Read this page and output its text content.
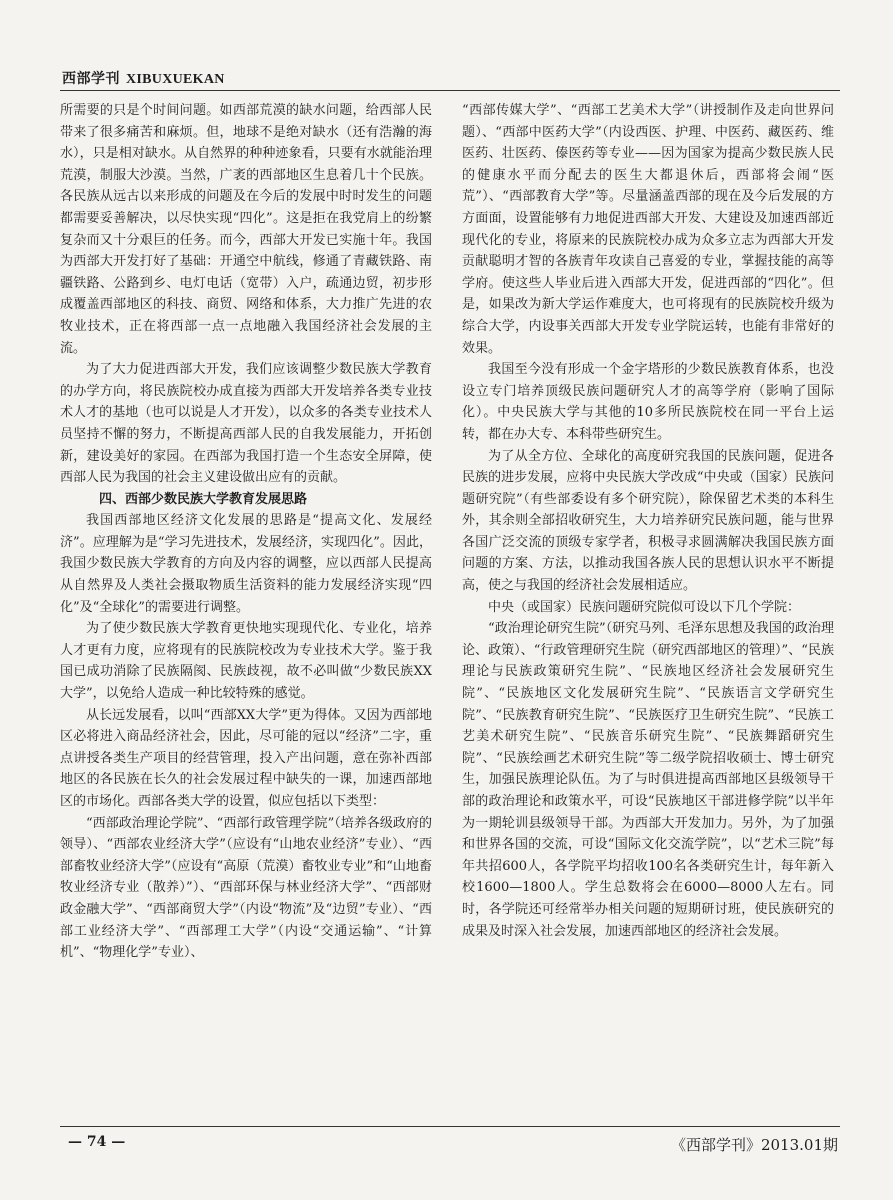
西部学刊 XIBUXUEKAN

所需要的只是个时间问题。如西部荒漠的缺水问题，给西部人民带来了很多痛苦和麻烦。但，地球不是绝对缺水（还有浩瀚的海水），只是相对缺水。从自然界的种种迹象看，只要有水就能治理荒漠，制服大沙漠。当然，广袤的西部地区生息着几十个民族。各民族从远古以来形成的问题及在今后的发展中时时发生的问题都需要妥善解决，以尽快实现“四化”。这是拒在我党肩上的纷繁复杂而又十分艰巨的任务。而今，西部大开发已实施十年。我国为西部大开发打好了基础：开通空中航线，修通了青藏铁路、南疆铁路、公路到乡、电灯电话（宽带）入户，疏通边贸，初步形成覆盖西部地区的科技、商贸、网络和体系，大力推广先进的农牧业技术，正在将西部一点一点地融入我国经济社会发展的主流。

为了大力促进西部大开发，我们应该调整少数民族大学教育的办学方向，将民族院校办成直接为西部大开发培养各类专业技术人才的基地（也可以说是人才开发），以众多的各类专业技术人员坚持不懈的努力，不断提高西部人民的自我发展能力，开拓创新，建设美好的家园。在西部为我国打造一个生态安全屏障，使西部人民为我国的社会主义建设做出应有的贡献。

四、西部少数民族大学教育发展思路

我国西部地区经济文化发展的思路是“提高文化、发展经济”。应理解为是“学习先进技术，发展经济，实现四化”。因此，我国少数民族大学教育的方向及内容的调整，应以西部人民提高从自然界及人类社会摄取物质生活资料的能力发展经济实现“四化”及“全球化”的需要进行调整。

为了使少数民族大学教育更快地实现现代化、专业化，培养人才更有力度，应将现有的民族院校改为专业技术大学。鉴于我国已成功消除了民族隔阂、民族歧视，故不必叫做“少数民族XX大学”，以免给人造成一种比较特殊的感觉。

从长远发展看，以叫“西部XX大学”更为得体。又因为西部地区必将进入商品经济社会，因此，尽可能的冠以“经济”二字，重点讲授各类生产项目的经营管理，投入产出问题，意在弥补西部地区的各民族在长久的社会发展过程中缺失的一课，加速西部地区的市场化。西部各类大学的设置，似应包括以下类型：

“西部政治理论学院”、“西部行政管理学院”（培养各级政府的领导）、“西部农业经济大学”（应设有“山地农业经济”专业）、“西部畜牧业经济大学”（应设有“高原（荒漠）畜牧业专业”和“山地畜牧业经济专业（散养）”）、“西部环保与林业经济大学”、“西部财政金融大学”、“西部商贸大学”（内设“物流”及“边贸”专业）、“西部工业经济大学”、“西部理工大学”（内设“交通运输”、“计算机”、“物理化学”专业）、

“西部传媒大学”、“西部工艺美术大学”（讲授制作及走向世界问题）、“西部中医药大学”（内设西医、护理、中医药、藏医药、维医药、壮医药、傣医药等专业——因为国家为提高少数民族人民的健康水平而分配去的医生大都退休后，西部将会闹“医荒”）、“西部教育大学”等。尽量涵盖西部的现在及今后发展的方方面面，设置能够有力地促进西部大开发、大建设及加速西部近现代化的专业，将原来的民族院校办成为众多立志为西部大开发贡献聪明才智的各族青年攻读自己喜爱的专业，掌握技能的高等学府。使这些人毕业后进入西部大开发，促进西部的“四化”。但是，如果改为新大学运作难度大，也可将现有的民族院校升级为综合大学，内设事关西部大开发专业学院运转，也能有非常好的效果。

我国至今没有形成一个金字塔形的少数民族教育体系，也没设立专门培养顶级民族问题研究人才的高等学府（影响了国际化）。中央民族大学与其他的10多所民族院校在同一平台上运转，都在办大专、本科带些研究生。

为了从全方位、全球化的高度研究我国的民族问题，促进各民族的进步发展，应将中央民族大学改成“中央或（国家）民族问题研究院”（有些部委设有多个研究院），除保留艺术类的本科生外，其余则全部招收研究生，大力培养研究民族问题，能与世界各国广泛交流的顶级专家学者，积极寻求圆满解决我国民族方面问题的方案、方法，以推动我国各族人民的思想认识水平不断提高，使之与我国的经济社会发展相适应。

中央（或国家）民族问题研究院似可设以下几个学院：

“政治理论研究生院”（研究马列、毛泽东思想及我国的政治理论、政策）、“行政管理研究生院（研究西部地区的管理）”、“民族理论与民族政策研究生院”、“民族地区经济社会发展研究生院”、“民族地区文化发展研究生院”、“民族语言文学研究生院”、“民族教育研究生院”、“民族医疗卫生研究生院”、“民族工艺美术研究生院”、“民族音乐研究生院”、“民族舞蹈研究生院”、“民族绘画艺术研究生院”等二级学院招收硕士、博士研究生，加强民族理论队伍。为了与时俱进提高西部地区县级领导干部的政治理论和政策水平，可设“民族地区干部进修学院”以半年为一期轮训县级领导干部。为西部大开发加力。另外，为了加强和世界各国的交流，可设“国际文化交流学院”，以“艺术三院”每年共招600人，各学院平均招收100名各类研究生计，每年新入校1600—1800人。学生总数将会在6000—8000人左右。同时，各学院还可经常举办相关问题的短期研讨班，使民族研究的成果及时深入社会发展，加速西部地区的经济社会发展。

— 74 —	《西部学刊》2013.01期
